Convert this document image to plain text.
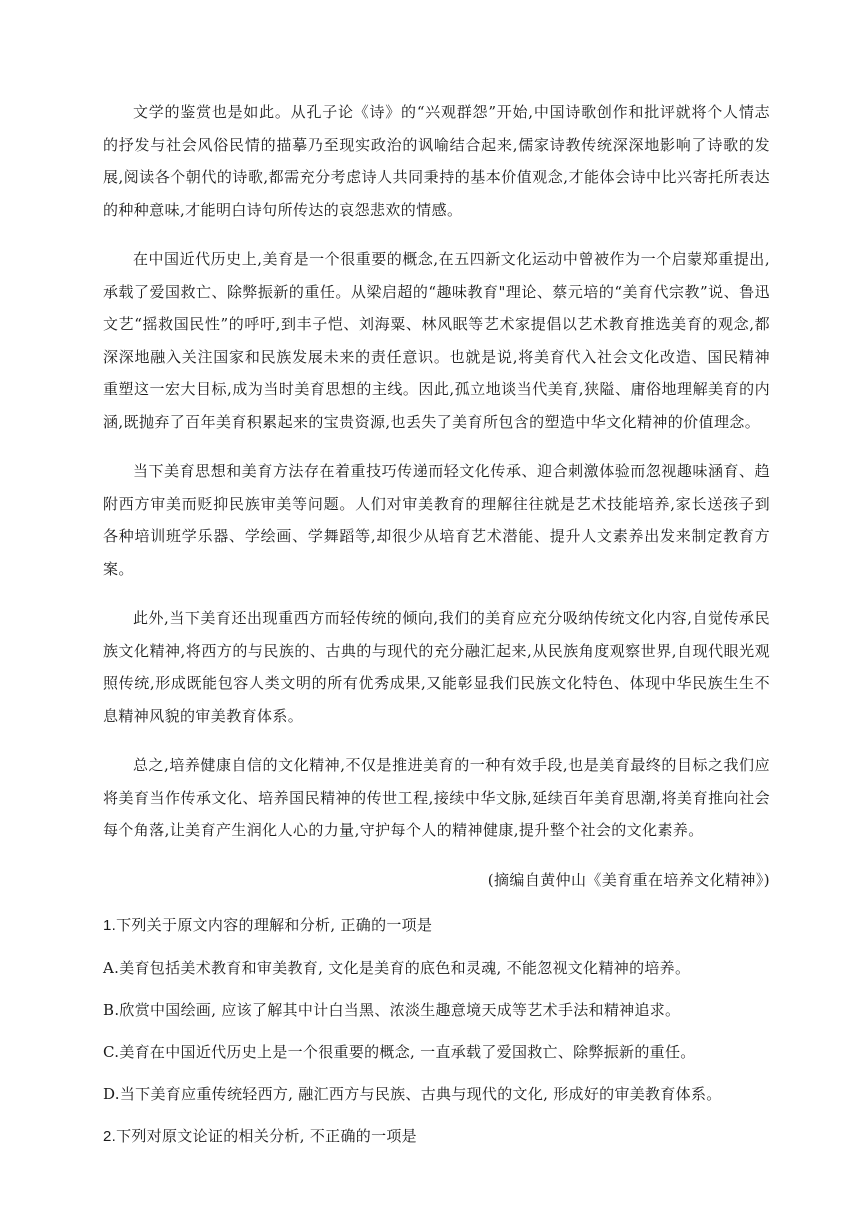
文学的鉴赏也是如此。从孔子论《诗》的“兴观群怨”开始,中国诗歌创作和批评就将个人情志的抒发与社会风俗民情的描摹乃至现实政治的讽喻结合起来,儒家诗教传统深深地影响了诗歌的发展,阅读各个朝代的诗歌,都需充分考虑诗人共同秉持的基本价值观念,才能体会诗中比兴寄托所表达的种种意味,才能明白诗句所传达的哀怨悲欢的情感。

在中国近代历史上,美育是一个很重要的概念,在五四新文化运动中曾被作为一个启蒙郑重提出,承载了爱国救亡、除弊振新的重任。从梁启超的“趣味教育"理论、蔡元培的“美育代宗教”说、鲁迅文艺“摇救国民性”的呼吁,到丰子恺、刘海粟、林风眠等艺术家提倡以艺术教育推选美育的观念,都深深地融入关注国家和民族发展未来的责任意识。也就是说,将美育代入社会文化改造、国民精神重塑这一宏大目标,成为当时美育思想的主线。因此,孤立地谈当代美育,狭隘、庸俗地理解美育的内涵,既抛弃了百年美育积累起来的宝贵资源,也丢失了美育所包含的塑造中华文化精神的价值理念。

当下美育思想和美育方法存在着重技巧传递而轻文化传承、迎合刺激体验而忽视趣味涵育、趋附西方审美而贬抑民族审美等问题。人们对审美教育的理解往往就是艺术技能培养,家长送孩子到各种培训班学乐器、学绘画、学舞蹈等,却很少从培育艺术潜能、提升人文素养出发来制定教育方案。

此外,当下美育还出现重西方而轻传统的倾向,我们的美育应充分吸纳传统文化内容,自觉传承民族文化精神,将西方的与民族的、古典的与现代的充分融汇起来,从民族角度观察世界,自现代眼光观照传统,形成既能包容人类文明的所有优秀成果,又能彰显我们民族文化特色、体现中华民族生生不息精神风貌的审美教育体系。

总之,培养健康自信的文化精神,不仅是推进美育的一种有效手段,也是美育最终的目标之我们应将美育当作传承文化、培养国民精神的传世工程,接续中华文脉,延续百年美育思潮,将美育推向社会每个角落,让美育产生润化人心的力量,守护每个人的精神健康,提升整个社会的文化素养。

(摘编自黄仲山《美育重在培养文化精神》)

1.下列关于原文内容的理解和分析, 正确的一项是

A.美育包括美术教育和审美教育, 文化是美育的底色和灵魂, 不能忽视文化精神的培养。

B.欣赏中国绘画, 应该了解其中计白当黑、浓淡生趣意境天成等艺术手法和精神追求。

C.美育在中国近代历史上是一个很重要的概念, 一直承载了爱国救亡、除弊振新的重任。

D.当下美育应重传统轻西方, 融汇西方与民族、古典与现代的文化, 形成好的审美教育体系。

2.下列对原文论证的相关分析, 不正确的一项是
